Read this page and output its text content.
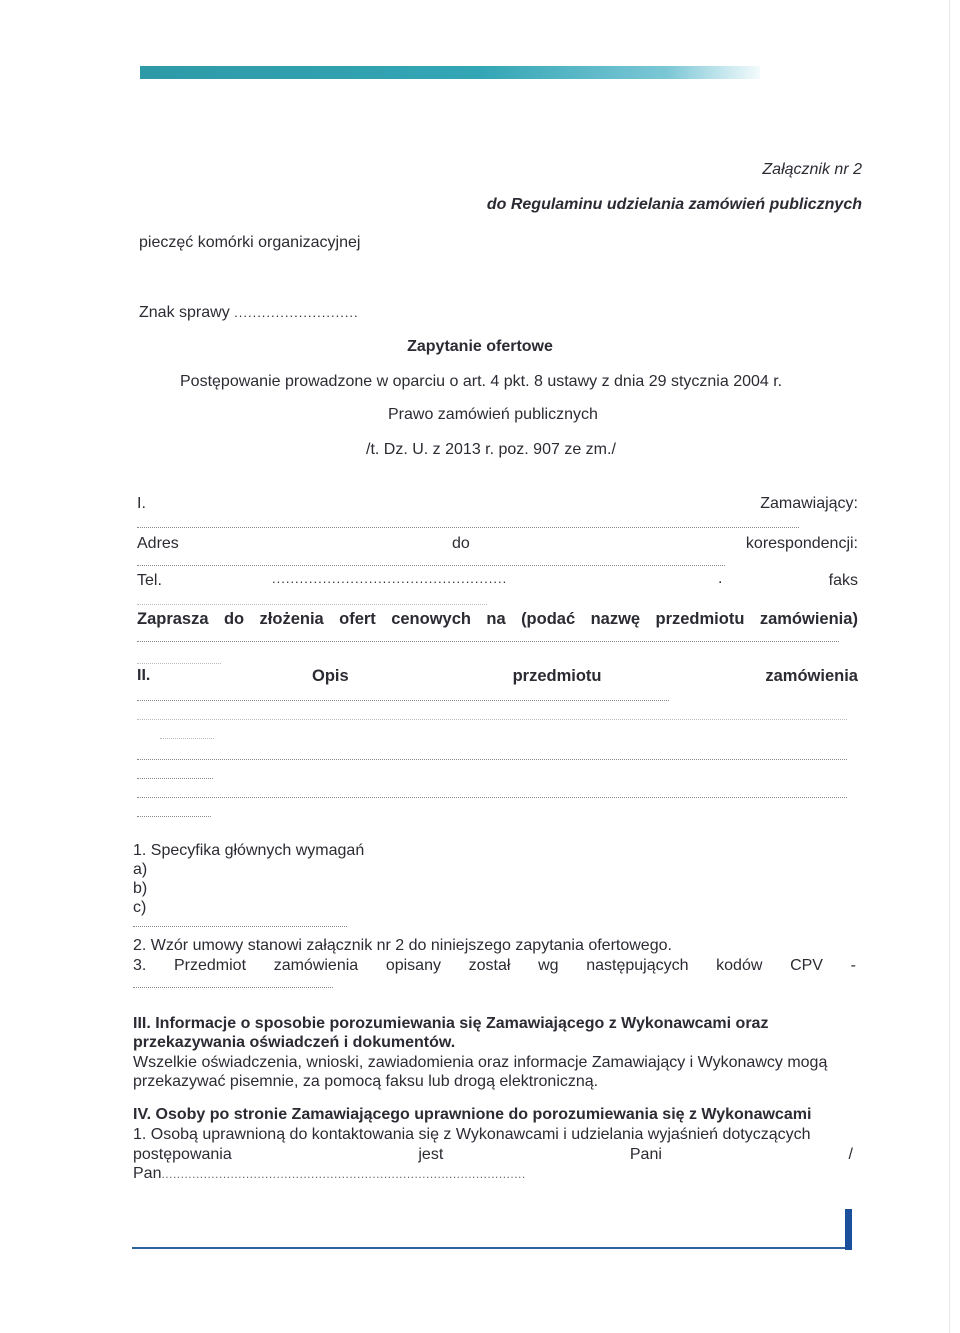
Załącznik nr 2
do Regulaminu udzielania zamówień publicznych
pieczęć komórki organizacyjnej
Znak sprawy ...........................
Zapytanie ofertowe
Postępowanie prowadzone w oparciu o art. 4 pkt. 8 ustawy z dnia 29 stycznia 2004 r.
Prawo zamówień publicznych
/t. Dz. U. z 2013 r. poz. 907 ze zm./
I.	Zamawiający:
Adres	do	korespondencji:
Tel.	...................................................	.	faks
Zaprasza do złożenia ofert cenowych na (podać nazwę przedmiotu zamówienia)
II.	Opis	przedmiotu	zamówienia
1. Specyfika głównych wymagań
a)
b)
c)
2. Wzór umowy stanowi załącznik nr 2 do niniejszego zapytania ofertowego.
3. Przedmiot zamówienia opisany został wg następujących kodów CPV -
III. Informacje o sposobie porozumiewania się Zamawiającego z Wykonawcami oraz przekazywania oświadczeń i dokumentów.
Wszelkie oświadczenia, wnioski, zawiadomienia oraz informacje Zamawiający i Wykonawcy mogą przekazywać pisemnie, za pomocą faksu lub drogą elektroniczną.
IV. Osoby po stronie Zamawiającego uprawnione do porozumiewania się z Wykonawcami
1. Osobą uprawnioną do kontaktowania się z Wykonawcami i udzielania wyjaśnień dotyczących
postępowania	jest	Pani	/
Pan...............................................................................................
